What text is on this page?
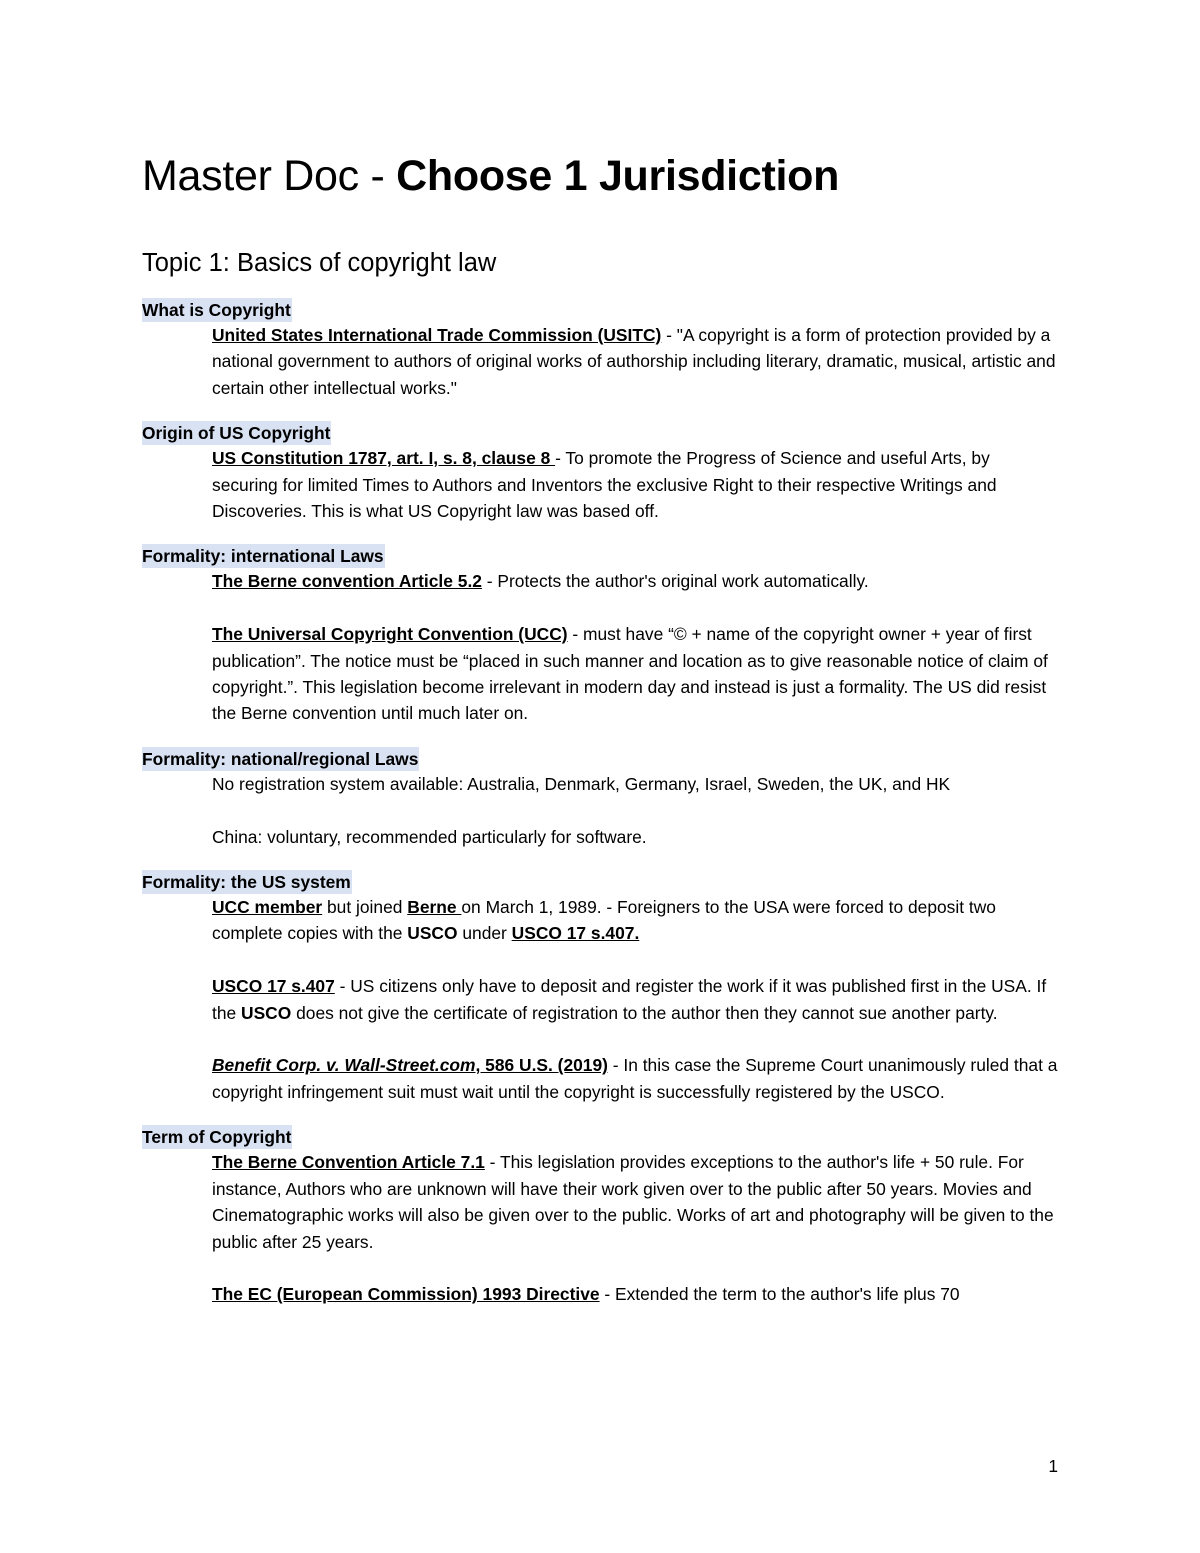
Master Doc - Choose 1 Jurisdiction
Topic 1: Basics of copyright law
What is Copyright

United States International Trade Commission (USITC) - "A copyright is a form of protection provided by a national government to authors of original works of authorship including literary, dramatic, musical, artistic and certain other intellectual works."

Origin of US Copyright

US Constitution 1787, art. I, s. 8, clause 8 - To promote the Progress of Science and useful Arts, by securing for limited Times to Authors and Inventors the exclusive Right to their respective Writings and Discoveries. This is what US Copyright law was based off.

Formality: international Laws

The Berne convention Article 5.2 - Protects the author's original work automatically.

The Universal Copyright Convention (UCC) - must have “© + name of the copyright owner + year of first publication”. The notice must be “placed in such manner and location as to give reasonable notice of claim of copyright.”. This legislation become irrelevant in modern day and instead is just a formality. The US did resist the Berne convention until much later on.

Formality: national/regional Laws

No registration system available: Australia, Denmark, Germany, Israel, Sweden, the UK, and HK

China: voluntary, recommended particularly for software.

Formality: the US system

UCC member but joined Berne on March 1, 1989. - Foreigners to the USA were forced to deposit two complete copies with the USCO under USCO 17 s.407.

USCO 17 s.407 - US citizens only have to deposit and register the work if it was published first in the USA. If the USCO does not give the certificate of registration to the author then they cannot sue another party.

Benefit Corp. v. Wall-Street.com, 586 U.S. (2019) - In this case the Supreme Court unanimously ruled that a copyright infringement suit must wait until the copyright is successfully registered by the USCO.

Term of Copyright

The Berne Convention Article 7.1 - This legislation provides exceptions to the author's life + 50 rule. For instance, Authors who are unknown will have their work given over to the public after 50 years. Movies and Cinematographic works will also be given over to the public. Works of art and photography will be given to the public after 25 years.

The EC (European Commission) 1993 Directive - Extended the term to the author's life plus 70

1
